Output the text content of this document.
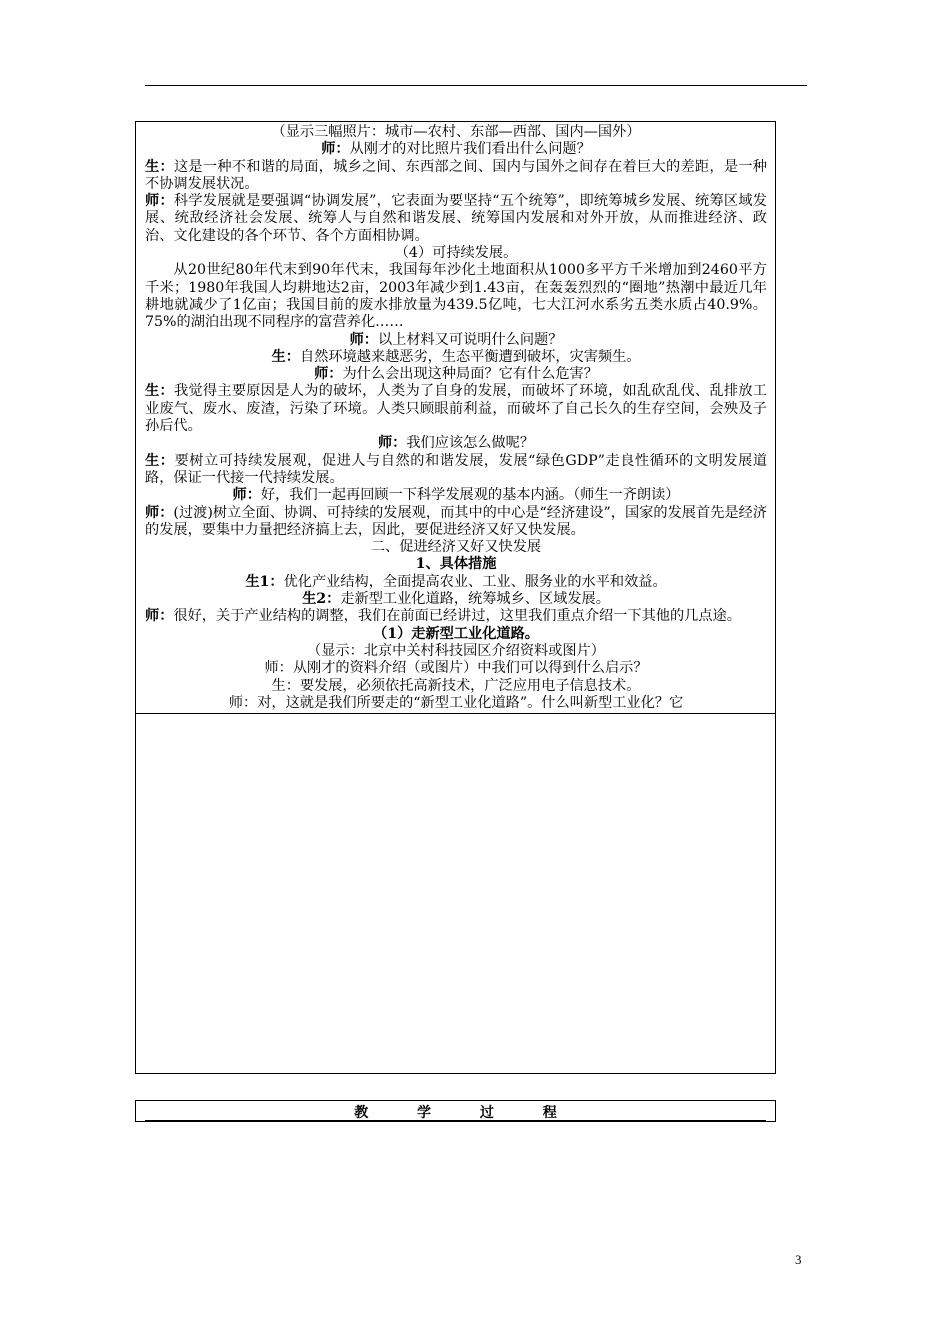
（显示三幅照片：城市—农村、东部—西部、国内—国外）

师：从刚才的对比照片我们看出什么问题？

生：这是一种不和谐的局面，城乡之间、东西部之间、国内与国外之间存在着巨大的差距，是一种不协调发展状况。

师：科学发展就是要强调“协调发展”，它表面为要坚持“五个统筹”，即统筹城乡发展、统筹区域发展、统敌经济社会发展、统筹人与自然和谐发展、统筹国内发展和对外开放，从而推进经济、政治、文化建设的各个环节、各个方面相协调。

（4）可持续发展。

从20世纪80年代末到90年代末，我国每年沙化土地面积从1000多平方千米增加到2460平方千米；1980年我国人均耕地达2亩，2003年减少到1.43亩，在轰轰烈烈的“圈地”热潮中最近几年耕地就减少了1亿亩；我国目前的废水排放量为439.5亿吨，七大江河水系劣五类水质占40.9%。75%的湖泊出现不同程序的富营养化……

师：以上材料又可说明什么问题？

生：自然环境越来越恶劣，生态平衡遭到破坏，灾害频生。

师：为什么会出现这种局面？它有什么危害？

生：我觉得主要原因是人为的破坏，人类为了自身的发展，而破坏了环境，如乱砍乱伐、乱排放工业废气、废水、废渣，污染了环境。人类只顾眼前利益，而破坏了自己长久的生存空间，会殃及子孙后代。

师：我们应该怎么做呢？

生：要树立可持续发展观，促进人与自然的和谐发展，发展“绿色GDP”走良性循环的文明发展道路，保证一代接一代持续发展。

师：好，我们一起再回顾一下科学发展观的基本内涵。（师生一齐朗读）

师：(过渡)树立全面、协调、可持续的发展观，而其中的中心是“经济建设”，国家的发展首先是经济的发展，要集中力量把经济搞上去，因此，要促进经济又好又快发展。

二、促进经济又好又快发展

1、具体措施

生1：优化产业结构，全面提高农业、工业、服务业的水平和效益。

生2：走新型工业化道路，统筹城乡、区域发展。

师：很好，关于产业结构的调整，我们在前面已经讲过，这里我们重点介绍一下其他的几点途。

（1）走新型工业化道路。

（显示：北京中关村科技园区介绍资料或图片）

师：从刚才的资料介绍（或图片）中我们可以得到什么启示？

生：要发展，必须依托高新技术，广泛应用电子信息技术。

师：对，这就是我们所要走的“新型工业化道路”。什么叫新型工业化？它

教 学 过 程
3
